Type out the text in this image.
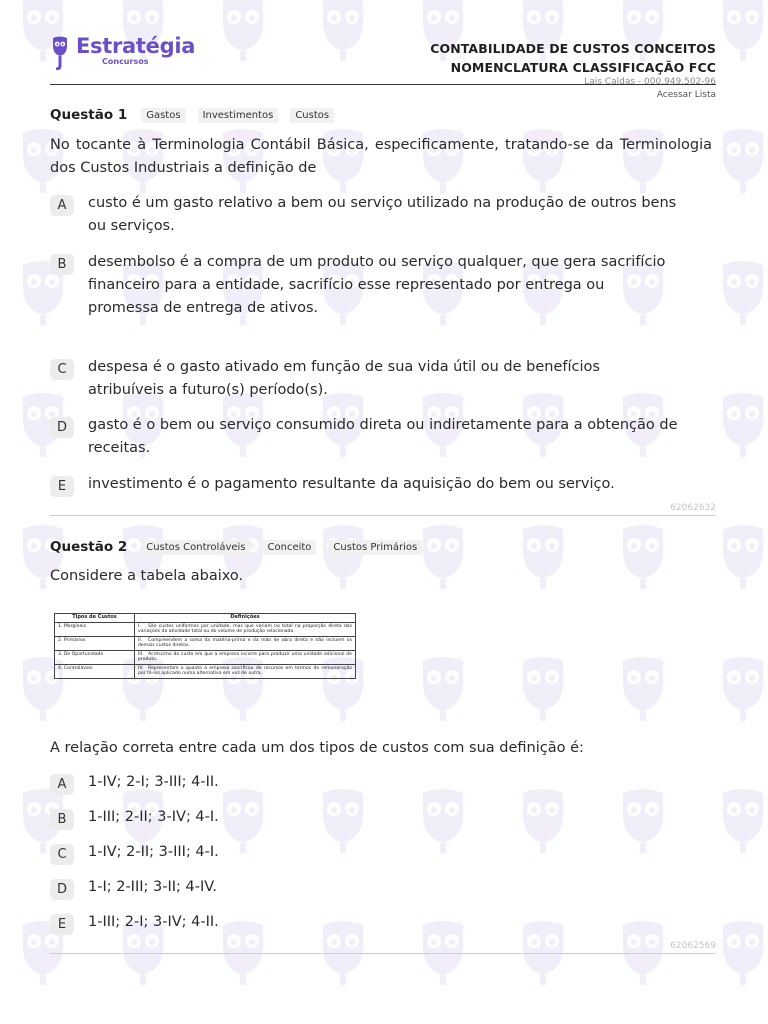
Estratégia
Concursos
CONTABILIDADE DE CUSTOS CONCEITOS
NOMENCLATURA CLASSIFICAÇÃO FCC
Lais Caldas - 000.949.502-96
Acessar Lista
Questão 1	Gastos	Investimentos	Custos
No tocante à Terminologia Contábil Básica, especificamente, tratando-se da Terminologia dos Custos Industriais a definição de
A	custo é um gasto relativo a bem ou serviço utilizado na produção de outros bens ou serviços.
B	desembolso é a compra de um produto ou serviço qualquer, que gera sacrifício financeiro para a entidade, sacrifício esse representado por entrega ou promessa de entrega de ativos.
C	despesa é o gasto ativado em função de sua vida útil ou de benefícios atribuíveis a futuro(s) período(s).
D	gasto é o bem ou serviço consumido direta ou indiretamente para a obtenção de receitas.
E	investimento é o pagamento resultante da aquisição do bem ou serviço.
62062632
Questão 2	Custos Controláveis	Conceito	Custos Primários
Considere a tabela abaixo.
Tipos de Custos	Definições
1. Marginais	I. São custos uniformes por unidade, mas que variam no total na proporção direta das variações da atividade total ou do volume de produção relacionado.
2. Primários	II. Compreendem a soma da matéria-prima e da mão de obra direta e não incluem os demais custos diretos.
3. De Oportunidade	III. Acréscimo do custo em que a empresa incorre para produzir uma unidade adicional de produto.
4. Controláveis	IV. Representam o quanto a empresa sacrificou de recursos em termos de remuneração por tê-los aplicado numa alternativa em vez de outra.
A relação correta entre cada um dos tipos de custos com sua definição é:
A	1-IV; 2-I; 3-III; 4-II.
B	1-III; 2-II; 3-IV; 4-I.
C	1-IV; 2-II; 3-III; 4-I.
D	1-I; 2-III; 3-II; 4-IV.
E	1-III; 2-I; 3-IV; 4-II.
62062569
